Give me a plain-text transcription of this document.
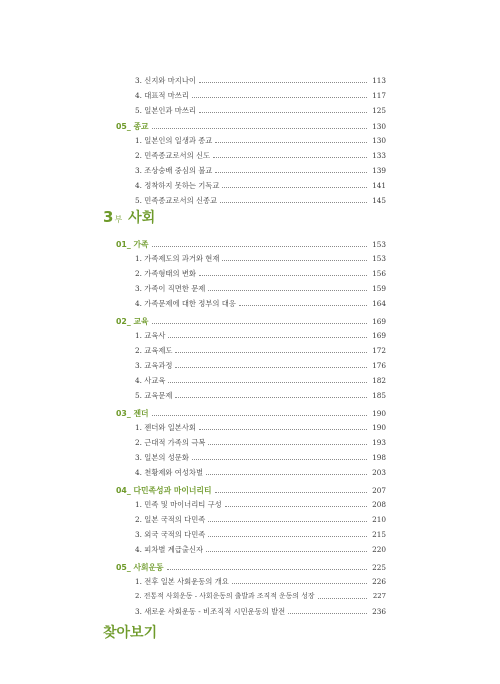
3. 신지와 마지나이	113
4. 대표적 마쓰리	117
5. 일본인과 마쓰리	125
05_ 종교	130
1. 일본인의 일생과 종교	130
2. 민족종교로서의 신도	133
3. 조상숭배 중심의 불교	139
4. 정착하지 못하는 기독교	141
5. 민족종교로서의 신종교	145
3부 사회
01_ 가족	153
1. 가족제도의 과거와 현재	153
2. 가족형태의 변화	156
3. 가족이 직면한 문제	159
4. 가족문제에 대한 정부의 대응	164
02_ 교육	169
1. 교육사	169
2. 교육제도	172
3. 교육과정	176
4. 사교육	182
5. 교육문제	185
03_ 젠더	190
1. 젠더와 일본사회	190
2. 근대적 가족의 극복	193
3. 일본의 성문화	198
4. 천황제와 여성차별	203
04_ 다민족성과 마이너리티	207
1. 민족 및 마이너리티 구성	208
2. 일본 국적의 다민족	210
3. 외국 국적의 다민족	215
4. 피차별 계급출신자	220
05_ 사회운동	225
1. 전후 일본 사회운동의 개요	226
2. 전통적 사회운동 - 사회운동의 출발과 조직적 운동의 성장	227
3. 새로운 사회운동 - 비조직적 시민운동의 발전	236
찾아보기
